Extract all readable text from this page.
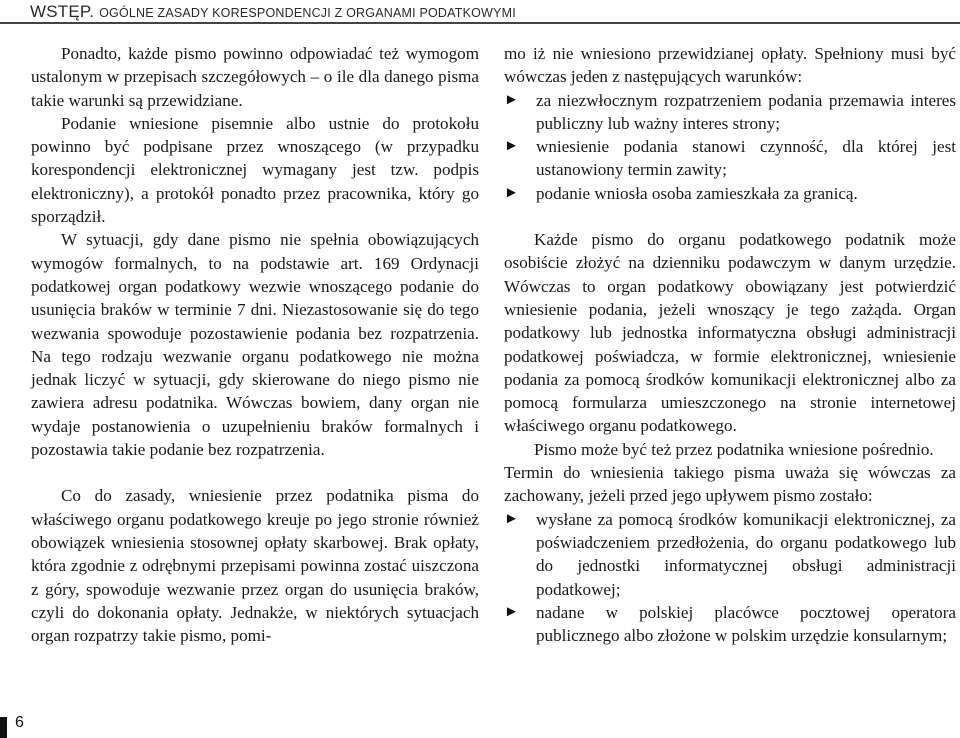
WSTĘP. OGÓLNE ZASADY KORESPONDENCJI Z ORGANAMI PODATKOWYMI

Ponadto, każde pismo powinno odpowiadać też wymogom ustalonym w przepisach szczegółowych – o ile dla danego pisma takie warunki są przewidziane.

Podanie wniesione pisemnie albo ustnie do protokołu powinno być podpisane przez wnoszącego (w przypadku korespondencji elektronicznej wymagany jest tzw. podpis elektroniczny), a protokół ponadto przez pracownika, który go sporządził.

W sytuacji, gdy dane pismo nie spełnia obowiązujących wymogów formalnych, to na podstawie art. 169 Ordynacji podatkowej organ podatkowy wezwie wnoszącego podanie do usunięcia braków w terminie 7 dni. Niezastosowanie się do tego wezwania spowoduje pozostawienie podania bez rozpatrzenia. Na tego rodzaju wezwanie organu podatkowego nie można jednak liczyć w sytuacji, gdy skierowane do niego pismo nie zawiera adresu podatnika. Wówczas bowiem, dany organ nie wydaje postanowienia o uzupełnieniu braków formalnych i pozostawia takie podanie bez rozpatrzenia.

Co do zasady, wniesienie przez podatnika pisma do właściwego organu podatkowego kreuje po jego stronie również obowiązek wniesienia stosownej opłaty skarbowej. Brak opłaty, która zgodnie z odrębnymi przepisami powinna zostać uiszczona z góry, spowoduje wezwanie przez organ do usunięcia braków, czyli do dokonania opłaty. Jednakże, w niektórych sytuacjach organ rozpatrzy takie pismo, pomi-

mo iż nie wniesiono przewidzianej opłaty. Spełniony musi być wówczas jeden z następujących warunków:

► za niezwłocznym rozpatrzeniem podania przemawia interes publiczny lub ważny interes strony;
► wniesienie podania stanowi czynność, dla której jest ustanowiony termin zawity;
► podanie wniosła osoba zamieszkała za granicą.

Każde pismo do organu podatkowego podatnik może osobiście złożyć na dzienniku podawczym w danym urzędzie. Wówczas to organ podatkowy obowiązany jest potwierdzić wniesienie podania, jeżeli wnoszący je tego zażąda. Organ podatkowy lub jednostka informatyczna obsługi administracji podatkowej poświadcza, w formie elektronicznej, wniesienie podania za pomocą środków komunikacji elektronicznej albo za pomocą formularza umieszczonego na stronie internetowej właściwego organu podatkowego.

Pismo może być też przez podatnika wniesione pośrednio.

Termin do wniesienia takiego pisma uważa się wówczas za zachowany, jeżeli przed jego upływem pismo zostało:

► wysłane za pomocą środków komunikacji elektronicznej, za poświadczeniem przedłożenia, do organu podatkowego lub do jednostki informatycznej obsługi administracji podatkowej;
► nadane w polskiej placówce pocztowej operatora publicznego albo złożone w polskim urzędzie konsularnym;
6
